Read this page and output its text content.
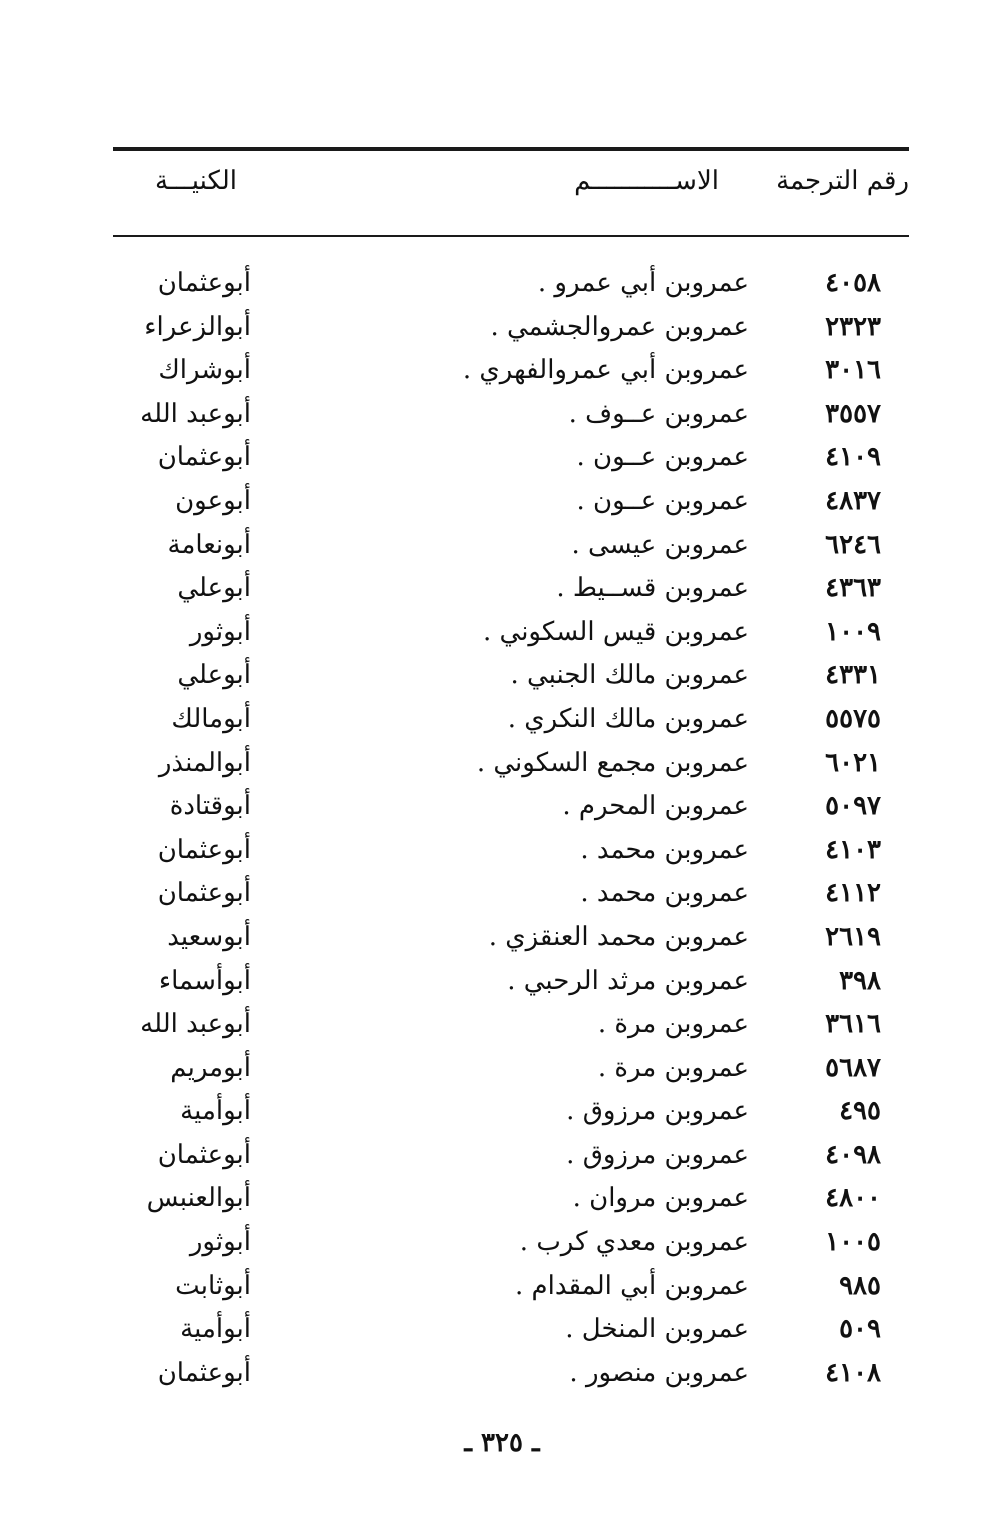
رقم الترجمة
الاســـــــــــم
الكنيـــة
٤٠٥٨
عمروبن أبي عمرو .
أبوعثمان
٢٣٢٣
عمروبن عمروالجشمي .
أبوالزعراء
٣٠١٦
عمروبن أبي عمروالفهري .
أبوشراك
٣٥٥٧
عمروبن عــوف .
أبوعبد الله
٤١٠٩
عمروبن عــون .
أبوعثمان
٤٨٣٧
عمروبن عــون .
أبوعون
٦٢٤٦
عمروبن عيسى .
أبونعامة
٤٣٦٣
عمروبن قســيط .
أبوعلي
١٠٠٩
عمروبن قيس السكوني .
أبوثور
٤٣٣١
عمروبن مالك الجنبي .
أبوعلي
٥٥٧٥
عمروبن مالك النكري .
أبومالك
٦٠٢١
عمروبن مجمع السكوني .
أبوالمنذر
٥٠٩٧
عمروبن المحرم .
أبوقتادة
٤١٠٣
عمروبن محمد .
أبوعثمان
٤١١٢
عمروبن محمد .
أبوعثمان
٢٦١٩
عمروبن محمد العنقزي .
أبوسعيد
٣٩٨
عمروبن مرثد الرحبي .
أبوأسماء
٣٦١٦
عمروبن مرة .
أبوعبد الله
٥٦٨٧
عمروبن مرة .
أبومريم
٤٩٥
عمروبن مرزوق .
أبوأمية
٤٠٩٨
عمروبن مرزوق .
أبوعثمان
٤٨٠٠
عمروبن مروان .
أبوالعنبس
١٠٠٥
عمروبن معدي كرب .
أبوثور
٩٨٥
عمروبن أبي المقدام .
أبوثابت
٥٠٩
عمروبن المنخل .
أبوأمية
٤١٠٨
عمروبن منصور .
أبوعثمان
ـ ٣٢٥ ـ
